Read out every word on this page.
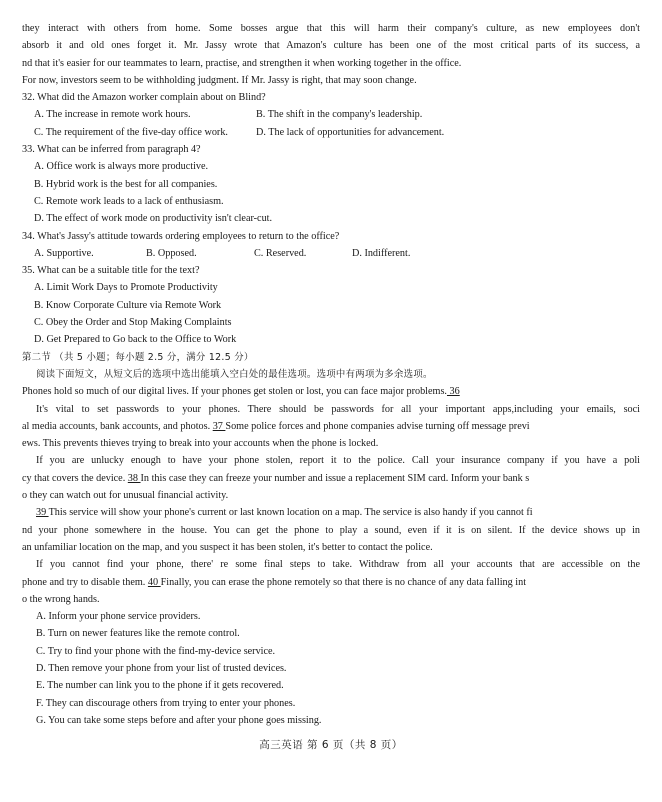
they interact with others from home. Some bosses argue that this will harm their company's culture, as new employees don't
absorb it and old ones forget it. Mr. Jassy wrote that Amazon's culture has been one of the most critical parts of its success, a
nd that it's easier for our teammates to learn, practise, and strengthen it when working together in the office.
For now, investors seem to be withholding judgment. If Mr. Jassy is right, that may soon change.
32. What did the Amazon worker complain about on Blind?
A. The increase in remote work hours.	B. The shift in the company's leadership.
C. The requirement of the five-day office work.	D. The lack of opportunities for advancement.
33. What can be inferred from paragraph 4?
A. Office work is always more productive.
B. Hybrid work is the best for all companies.
C. Remote work leads to a lack of enthusiasm.
D. The effect of work mode on productivity isn't clear-cut.
34. What's Jassy's attitude towards ordering employees to return to the office?
A. Supportive.	B. Opposed.	C. Reserved.	D. Indifferent.
35. What can be a suitable title for the text?
A. Limit Work Days to Promote Productivity
B. Know Corporate Culture via Remote Work
C. Obey the Order and Stop Making Complaints
D. Get Prepared to Go back to the Office to Work
第二节 （共 5 小题；每小题 2.5 分，满分 12.5 分）
阅读下面短文，从短文后的选项中选出能填入空白处的最佳选项。选项中有两项为多余选项。
Phones hold so much of our digital lives. If your phones get stolen or lost, you can face major problems. 36
It's vital to set passwords to your phones. There should be passwords for all your important apps,including your emails, soci
al media accounts, bank accounts, and photos. 37 Some police forces and phone companies advise turning off message previ
ews. This prevents thieves trying to break into your accounts when the phone is locked.
If you are unlucky enough to have your phone stolen, report it to the police. Call your insurance company if you have a poli
cy that covers the device. 38 In this case they can freeze your number and issue a replacement SIM card. Inform your bank s
o they can watch out for unusual financial activity.
39 This service will show your phone's current or last known location on a map. The service is also handy if you cannot fi
nd your phone somewhere in the house. You can get the phone to play a sound, even if it is on silent. If the device shows up in
an unfamiliar location on the map, and you suspect it has been stolen, it's better to contact the police.
If you cannot find your phone, there' re some final steps to take. Withdraw from all your accounts that are accessible on the
phone and try to disable them. 40 Finally, you can erase the phone remotely so that there is no chance of any data falling int
o the wrong hands.
A. Inform your phone service providers.
B. Turn on newer features like the remote control.
C. Try to find your phone with the find-my-device service.
D. Then remove your phone from your list of trusted devices.
E. The number can link you to the phone if it gets recovered.
F. They can discourage others from trying to enter your phones.
G. You can take some steps before and after your phone goes missing.
高三英语 第 6 页（共 8 页）
